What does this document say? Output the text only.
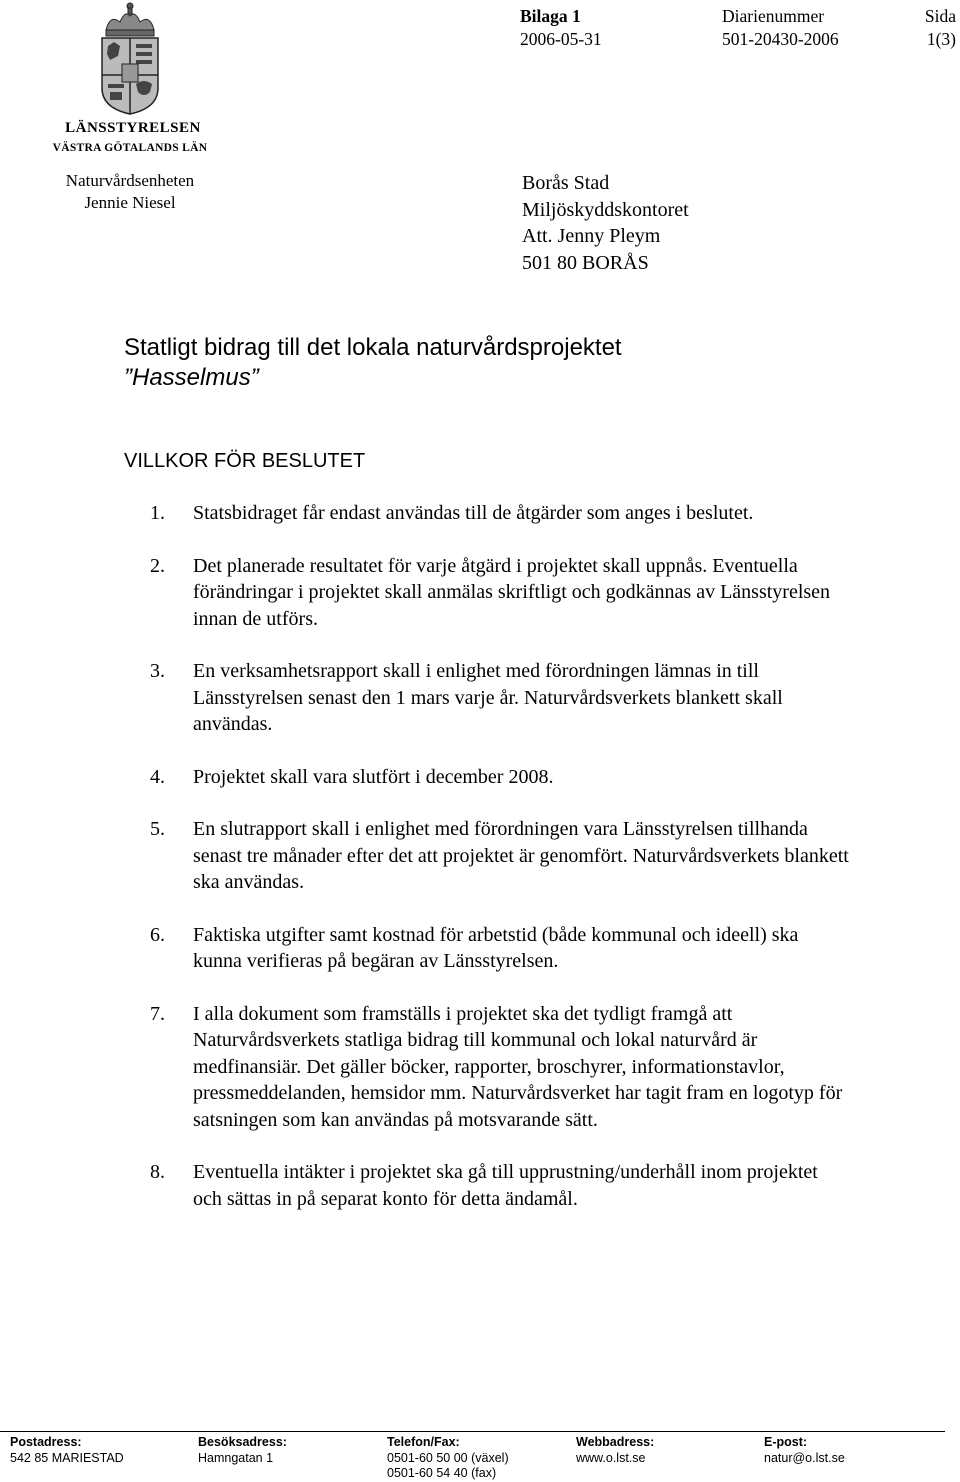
LÄNSSTYRELSEN
VÄSTRA GÖTALANDS LÄN
Naturvårdsenheten
Jennie Niesel
Bilaga 1
2006-05-31
Diarienummer
501-20430-2006
Sida
1(3)
Borås Stad
Miljöskyddskontoret
Att. Jenny Pleym
501 80 BORÅS
Statligt bidrag till det lokala naturvårdsprojektet
”Hasselmus”
VILLKOR FÖR BESLUTET
1.	Statsbidraget får endast användas till de åtgärder som anges i beslutet.
2.	Det planerade resultatet för varje åtgärd i projektet skall uppnås. Eventuella förändringar i projektet skall anmälas skriftligt och godkännas av Länsstyrelsen innan de utförs.
3.	En verksamhetsrapport skall i enlighet med förordningen lämnas in till Länsstyrelsen senast den 1 mars varje år. Naturvårdsverkets blankett skall användas.
4.	Projektet skall vara slutfört i december 2008.
5.	En slutrapport skall i enlighet med förordningen vara Länsstyrelsen tillhanda senast tre månader efter det att projektet är genomfört. Naturvårdsverkets blankett ska användas.
6.	Faktiska utgifter samt kostnad för arbetstid (både kommunal och ideell) ska kunna verifieras på begäran av Länsstyrelsen.
7.	I alla dokument som framställs i projektet ska det tydligt framgå att Naturvårdsverkets statliga bidrag till kommunal och lokal naturvård är medfinansiär. Det gäller böcker, rapporter, broschyrer, informationstavlor, pressmeddelanden, hemsidor mm. Naturvårdsverket har tagit fram en logotyp för satsningen som kan användas på motsvarande sätt.
8.	Eventuella intäkter i projektet ska gå till upprustning/underhåll inom projektet och sättas in på separat konto för detta ändamål.
Postadress:
542 85 MARIESTAD
Besöksadress:
Hamngatan 1
Telefon/Fax:
0501-60 50 00 (växel)
0501-60 54 40 (fax)
Webbadress:
www.o.lst.se
E-post:
natur@o.lst.se
